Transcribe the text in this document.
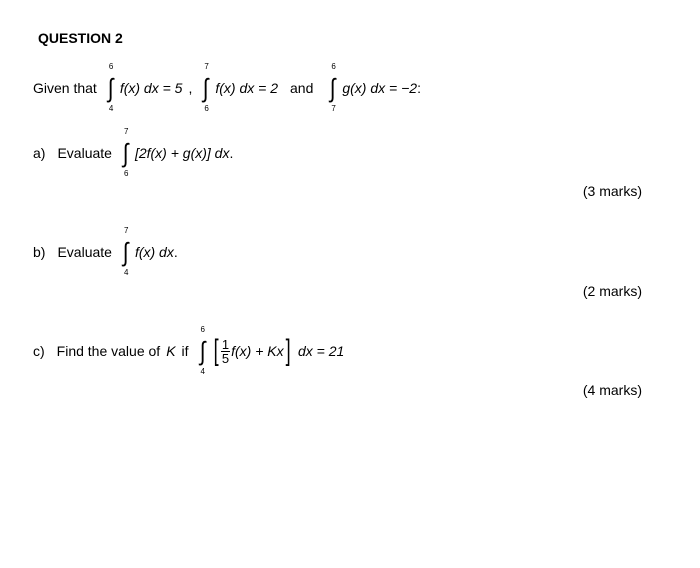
QUESTION 2
Given that ∫
6
4
f(x) dx = 5 , ∫
7
6
f(x) dx = 2 and ∫
6
7
g(x) dx = −2 :
a) Evaluate ∫
7
6
[2f(x) + g(x)] dx .
(3 marks)
b) Evaluate ∫
7
4
f(x) dx .
(2 marks)
c) Find the value of K if ∫
6
4
[ $\frac{1}{5} f(x) + Kx$ ] dx = 21
(4 marks)
